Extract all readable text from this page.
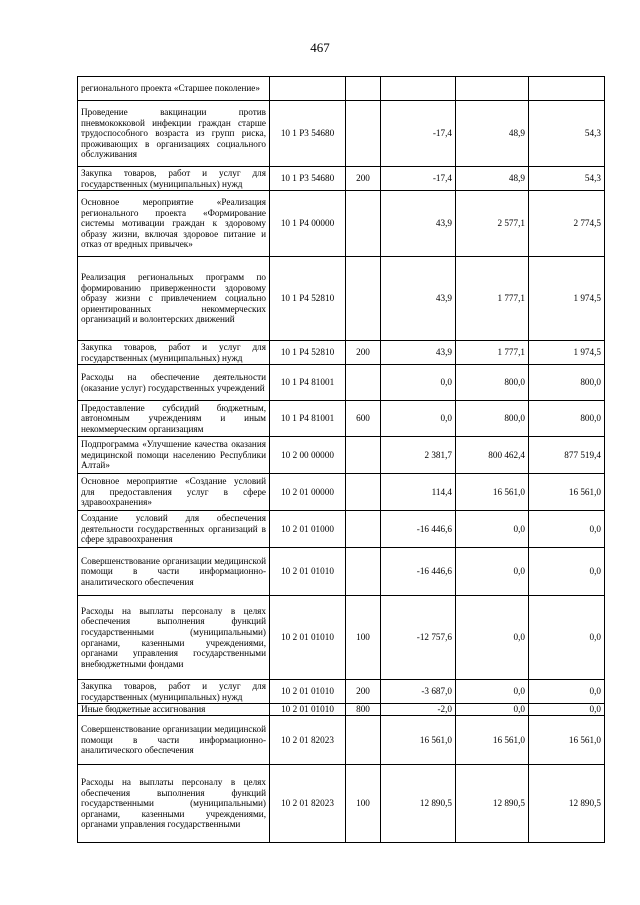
467
регионального проекта «Старшее поколение»					
Проведение вакцинации против пневмококковой инфекции граждан старше трудоспособного возраста из групп риска, проживающих в организациях социального обслуживания	10 1 P3 54680		-17,4	48,9	54,3
Закупка товаров, работ и услуг для государственных (муниципальных) нужд	10 1 P3 54680	200	-17,4	48,9	54,3
Основное мероприятие «Реализация регионального проекта «Формирование системы мотивации граждан к здоровому образу жизни, включая здоровое питание и отказ от вредных привычек»	10 1 P4 00000		43,9	2 577,1	2 774,5
Реализация региональных программ по формированию приверженности здоровому образу жизни с привлечением социально ориентированных некоммерческих организаций и волонтерских движений	10 1 P4 52810		43,9	1 777,1	1 974,5
Закупка товаров, работ и услуг для государственных (муниципальных) нужд	10 1 P4 52810	200	43,9	1 777,1	1 974,5
Расходы на обеспечение деятельности (оказание услуг) государственных учреждений	10 1 P4 81001		0,0	800,0	800,0
Предоставление субсидий бюджетным, автономным учреждениям и иным некоммерческим организациям	10 1 P4 81001	600	0,0	800,0	800,0
Подпрограмма «Улучшение качества оказания медицинской помощи населению Республики Алтай»	10 2 00 00000		2 381,7	800 462,4	877 519,4
Основное мероприятие «Создание условий для предоставления услуг в сфере здравоохранения»	10 2 01 00000		114,4	16 561,0	16 561,0
Создание условий для обеспечения деятельности государственных организаций в сфере здравоохранения	10 2 01 01000		-16 446,6	0,0	0,0
Совершенствование организации медицинской помощи в части информационно-аналитического обеспечения	10 2 01 01010		-16 446,6	0,0	0,0
Расходы на выплаты персоналу в целях обеспечения выполнения функций государственными (муниципальными) органами, казенными учреждениями, органами управления государственными внебюджетными фондами	10 2 01 01010	100	-12 757,6	0,0	0,0
Закупка товаров, работ и услуг для государственных (муниципальных) нужд	10 2 01 01010	200	-3 687,0	0,0	0,0
Иные бюджетные ассигнования	10 2 01 01010	800	-2,0	0,0	0,0
Совершенствование организации медицинской помощи в части информационно-аналитического обеспечения	10 2 01 82023		16 561,0	16 561,0	16 561,0
Расходы на выплаты персоналу в целях обеспечения выполнения функций государственными (муниципальными) органами, казенными учреждениями, органами управления государственными	10 2 01 82023	100	12 890,5	12 890,5	12 890,5
